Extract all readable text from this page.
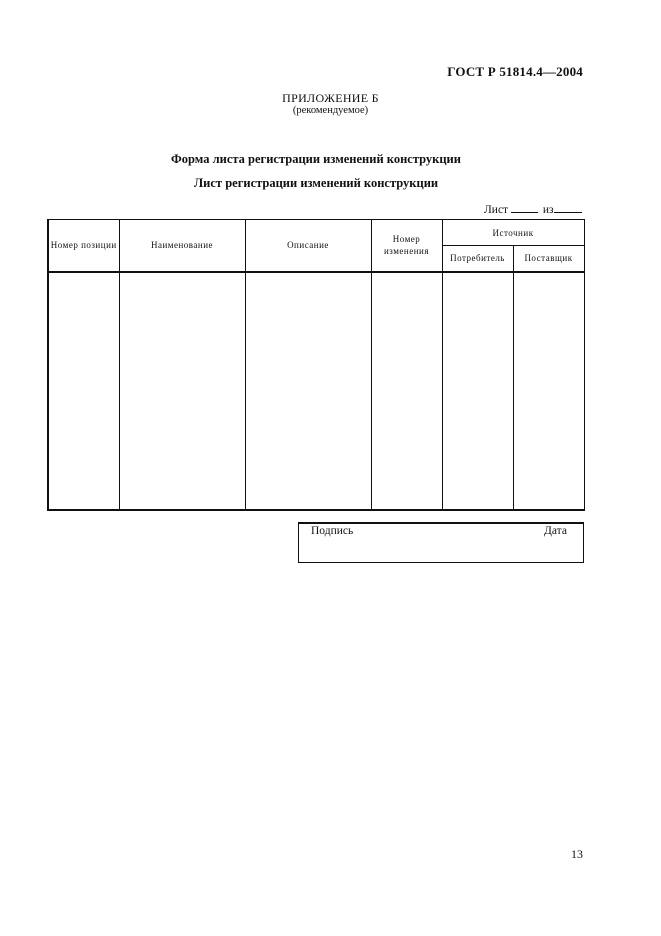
ГОСТ Р 51814.4—2004
ПРИЛОЖЕНИЕ Б
(рекомендуемое)
Форма листа регистрации изменений конструкции
Лист регистрации изменений конструкции
Лист	из
Номер позиции	Наименование	Описание	Номер изменения	Источник	
				Потребитель	Поставщик

Подпись	Дата
13
